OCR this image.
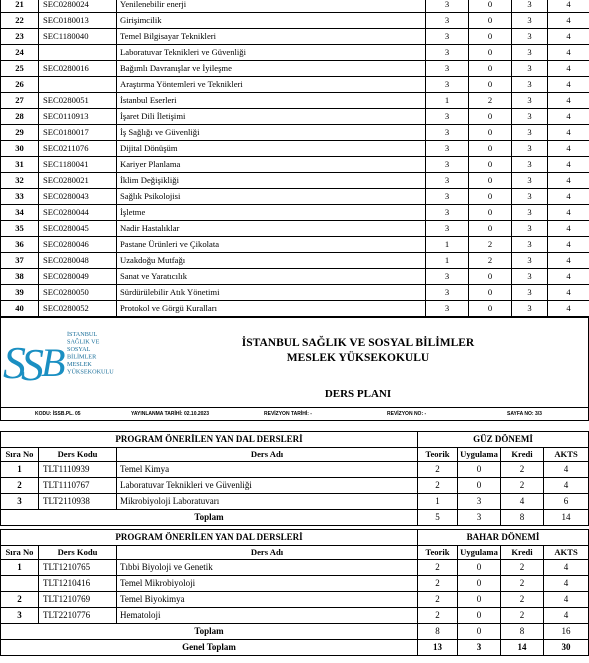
21	SEC0280024	Yenilenebilir enerji	3	0	3	4
22	SEC0180013	Girişimcilik	3	0	3	4
23	SEC1180040	Temel Bilgisayar Teknikleri	3	0	3	4
24		Laboratuvar Teknikleri ve Güvenliği	3	0	3	4
25	SEC0280016	Bağımlı Davranışlar ve İyileşme	3	0	3	4
26		Araştırma Yöntemleri ve Teknikleri	3	0	3	4
27	SEC0280051	İstanbul Eserleri	1	2	3	4
28	SEC0110913	İşaret Dili İletişimi	3	0	3	4
29	SEC0180017	İş Sağlığı ve Güvenliği	3	0	3	4
30	SEC0211076	Dijital Dönüşüm	3	0	3	4
31	SEC1180041	Kariyer Planlama	3	0	3	4
32	SEC0280021	İklim Değişikliği	3	0	3	4
33	SEC0280043	Sağlık Psikolojisi	3	0	3	4
34	SEC0280044	İşletme	3	0	3	4
35	SEC0280045	Nadir Hastalıklar	3	0	3	4
36	SEC0280046	Pastane Ürünleri ve Çikolata	1	2	3	4
37	SEC0280048	Uzakdoğu Mutfağı	1	2	3	4
38	SEC0280049	Sanat ve Yaratıcılık	3	0	3	4
39	SEC0280050	Sürdürülebilir Atık Yönetimi	3	0	3	4
40	SEC0280052	Protokol ve Görgü Kuralları	3	0	3	4
S
S
B
İSTANBUL
SAĞLIK VE
SOSYAL
BİLİMLER
MESLEK
YÜKSEKOKULU
İSTANBUL SAĞLIK VE SOSYAL BİLİMLER
MESLEK YÜKSEKOKULU
DERS PLANI
KODU: İSSB.PL. 05	YAYINLANMA TARİHİ: 02.10.2023	REVİZYON TARİHİ: -	REVİZYON NO: -	SAYFA NO: 3/3
PROGRAM ÖNERİLEN YAN DAL DERSLERİ			GÜZ DÖNEMİ			
Sıra No	Ders Kodu	Ders Adı	Teorik	Uygulama	Kredi	AKTS
1	TLT1110939	Temel Kimya	2	0	2	4
2	TLT1110767	Laboratuvar Teknikleri ve Güvenliği	2	0	2	4
3	TLT2110938	Mikrobiyoloji Laboratuvarı	1	3	4	6
Toplam			5	3	8	14
PROGRAM ÖNERİLEN YAN DAL DERSLERİ			BAHAR DÖNEMİ			
Sıra No	Ders Kodu	Ders Adı	Teorik	Uygulama	Kredi	AKTS
1	TLT1210765	Tıbbi Biyoloji ve Genetik	2	0	2	4
	TLT1210416	Temel Mikrobiyoloji	2	0	2	4
2	TLT1210769	Temel Biyokimya	2	0	2	4
3	TLT2210776	Hematoloji	2	0	2	4
Toplam			8	0	8	16
Genel Toplam			13	3	14	30
